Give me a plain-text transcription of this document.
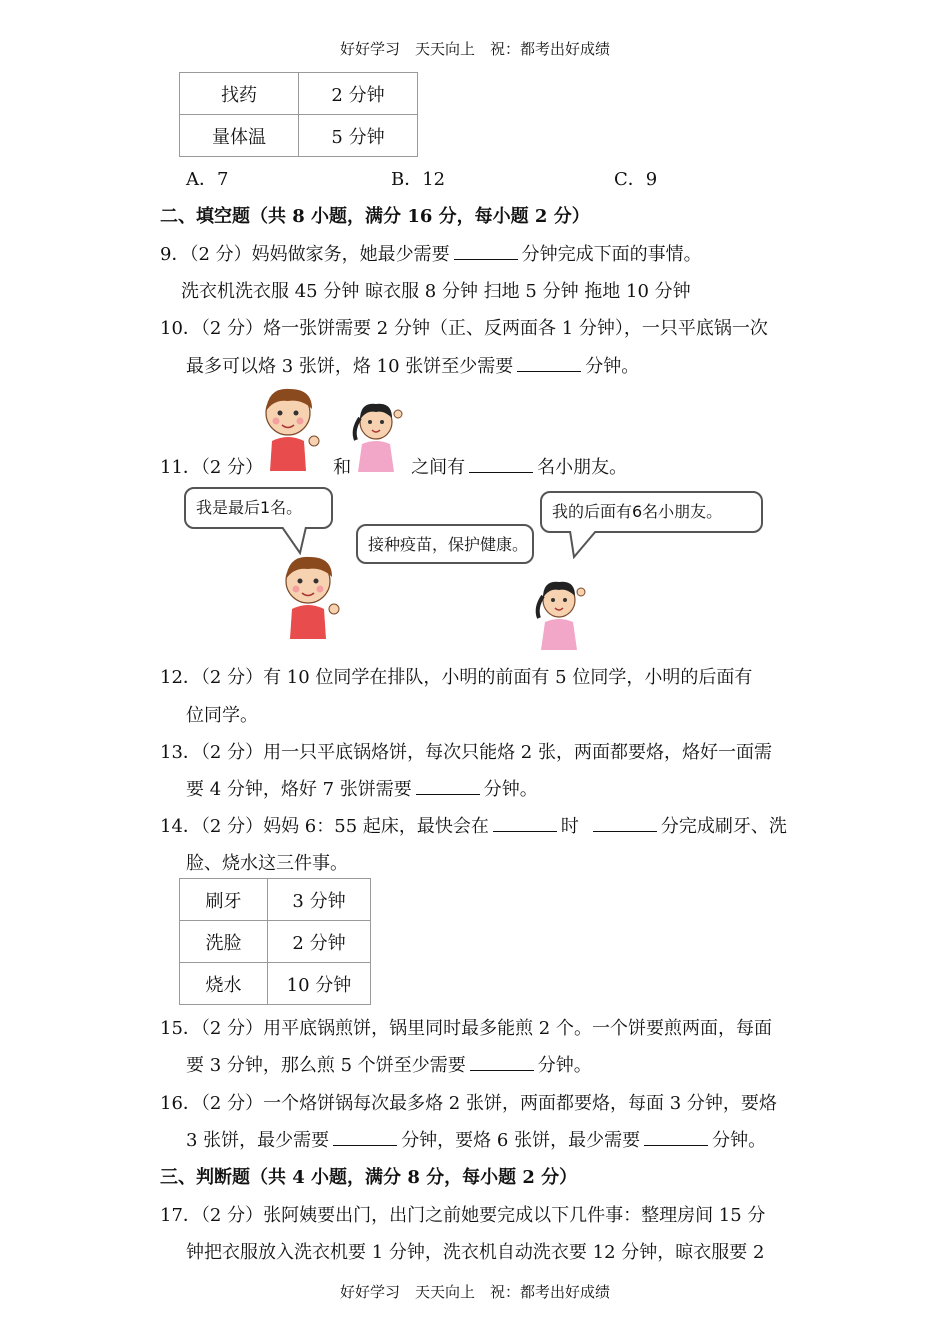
好好学习　天天向上　祝：都考出好成绩
找药	2 分钟
量体温	5 分钟
A．7	B．12	C．9
二、填空题（共 8 小题，满分 16 分，每小题 2 分）
9．（2 分）妈妈做家务，她最少需要	分钟完成下面的事情。
洗衣机洗衣服 45 分钟 晾衣服 8 分钟 扫地 5 分钟 拖地 10 分钟
10．（2 分）烙一张饼需要 2 分钟（正、反两面各 1 分钟），一只平底锅一次
最多可以烙 3 张饼，烙 10 张饼至少需要	分钟。
11．（2 分）	和	之间有	名小朋友。
我是最后1名。
接种疫苗，保护健康。
我的后面有6名小朋友。
12．（2 分）有 10 位同学在排队，小明的前面有 5 位同学，小明的后面有
位同学。
13．（2 分）用一只平底锅烙饼，每次只能烙 2 张，两面都要烙，烙好一面需
要 4 分钟，烙好 7 张饼需要	分钟。
14．（2 分）妈妈 6：55 起床，最快会在	时	分完成刷牙、洗
脸、烧水这三件事。
刷牙	3 分钟
洗脸	2 分钟
烧水	10 分钟
15．（2 分）用平底锅煎饼，锅里同时最多能煎 2 个。一个饼要煎两面，每面
要 3 分钟，那么煎 5 个饼至少需要	分钟。
16．（2 分）一个烙饼锅每次最多烙 2 张饼，两面都要烙，每面 3 分钟，要烙
3 张饼，最少需要	分钟，要烙 6 张饼，最少需要	分钟。
三、判断题（共 4 小题，满分 8 分，每小题 2 分）
17．（2 分）张阿姨要出门，出门之前她要完成以下几件事：整理房间 15 分
钟把衣服放入洗衣机要 1 分钟，洗衣机自动洗衣要 12 分钟，晾衣服要 2
好好学习　天天向上　祝：都考出好成绩
